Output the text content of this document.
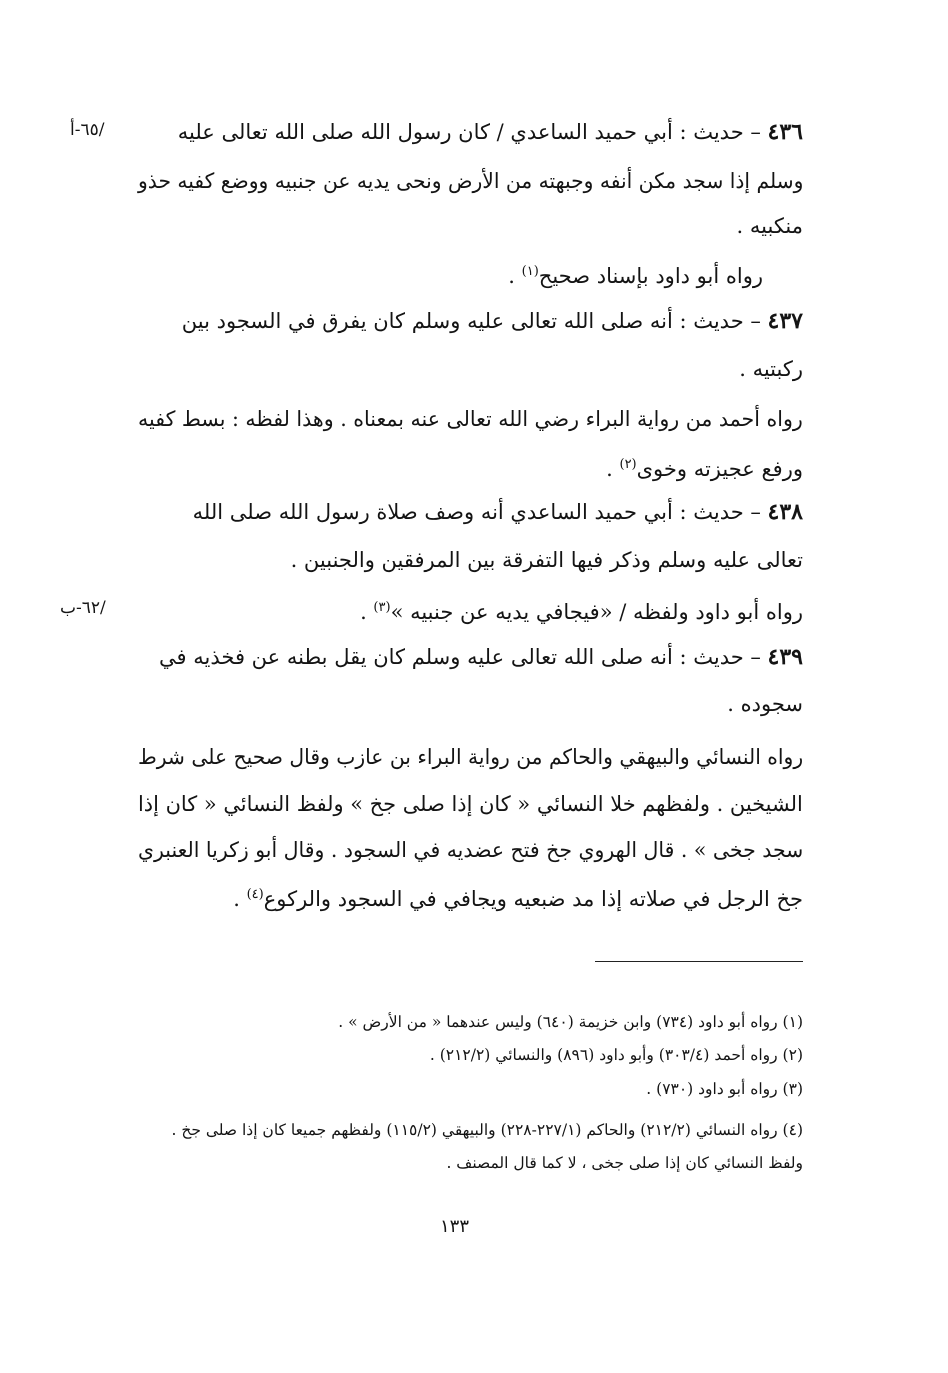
٤٣٦ – حديث : أبي حميد الساعدي / كان رسول الله صلى الله تعالى عليه
وسلم إذا سجد مكن أنفه وجبهته من الأرض ونحى يديه عن جنبيه ووضع كفيه حذو
منكبيه .
رواه أبو داود بإسناد صحيح$^{(١)}$ .
٤٣٧ – حديث : أنه صلى الله تعالى عليه وسلم كان يفرق في السجود بين
ركبتيه .
رواه أحمد من رواية البراء رضي الله تعالى عنه بمعناه . وهذا لفظه : بسط كفيه
ورفع عجيزته وخوى$^{(٢)}$ .
٤٣٨ – حديث : أبي حميد الساعدي أنه وصف صلاة رسول الله صلى الله
تعالى عليه وسلم وذكر فيها التفرقة بين المرفقين والجنبين .
رواه أبو داود ولفظه / «فيجافي يديه عن جنبيه »$^{(٣)}$ .
٤٣٩ – حديث : أنه صلى الله تعالى عليه وسلم كان يقل بطنه عن فخذيه في
سجوده .
رواه النسائي والبيهقي والحاكم من رواية البراء بن عازب وقال صحيح على شرط
الشيخين . ولفظهم خلا النسائي « كان إذا صلى جخ » ولفظ النسائي « كان إذا
سجد جخى » . قال الهروي جخ فتح عضديه في السجود . وقال أبو زكريا العنبري
جخ الرجل في صلاته إذا مد ضبعيه ويجافي في السجود والركوع$^{(٤)}$ .
/٦٥-أ
/٦٢-ب
(١) رواه أبو داود (٧٣٤) وابن خزيمة (٦٤٠) وليس عندهما « من الأرض » .
(٢) رواه أحمد (٣٠٣/٤) وأبو داود (٨٩٦) والنسائي (٢١٢/٢) .
(٣) رواه أبو داود (٧٣٠) .
(٤) رواه النسائي (٢١٢/٢) والحاكم (٢٢٧/١-٢٢٨) والبيهقي (١١٥/٢) ولفظهم جميعا كان إذا صلى جخ .
ولفظ النسائي كان إذا صلى جخى ، لا كما قال المصنف .
١٣٣
